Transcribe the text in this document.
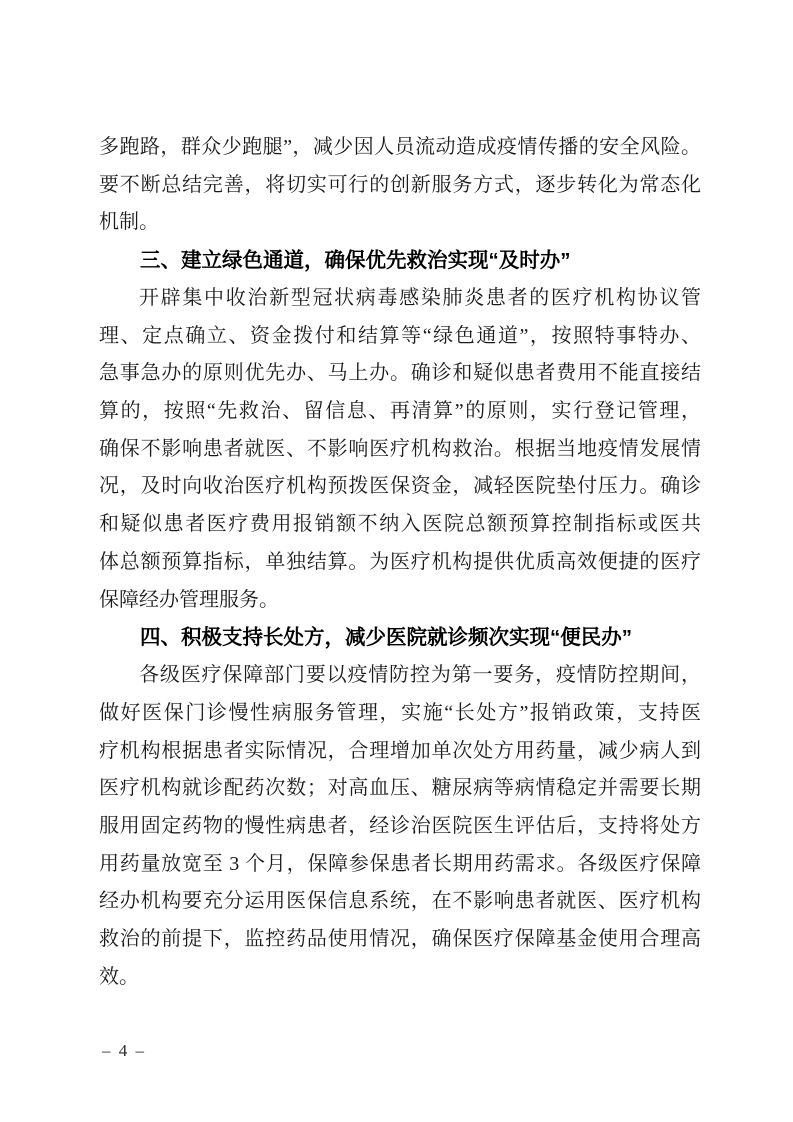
多跑路，群众少跑腿”，减少因人员流动造成疫情传播的安全风险。
要不断总结完善，将切实可行的创新服务方式，逐步转化为常态化
机制。
三、建立绿色通道，确保优先救治实现“及时办”
开辟集中收治新型冠状病毒感染肺炎患者的医疗机构协议管
理、定点确立、资金拨付和结算等“绿色通道”，按照特事特办、
急事急办的原则优先办、马上办。确诊和疑似患者费用不能直接结
算的，按照“先救治、留信息、再清算”的原则，实行登记管理，
确保不影响患者就医、不影响医疗机构救治。根据当地疫情发展情
况，及时向收治医疗机构预拨医保资金，减轻医院垫付压力。确诊
和疑似患者医疗费用报销额不纳入医院总额预算控制指标或医共
体总额预算指标，单独结算。为医疗机构提供优质高效便捷的医疗
保障经办管理服务。
四、积极支持长处方，减少医院就诊频次实现“便民办”
各级医疗保障部门要以疫情防控为第一要务，疫情防控期间，
做好医保门诊慢性病服务管理，实施“长处方”报销政策，支持医
疗机构根据患者实际情况，合理增加单次处方用药量，减少病人到
医疗机构就诊配药次数；对高血压、糖尿病等病情稳定并需要长期
服用固定药物的慢性病患者，经诊治医院医生评估后，支持将处方
用药量放宽至 3 个月，保障参保患者长期用药需求。各级医疗保障
经办机构要充分运用医保信息系统，在不影响患者就医、医疗机构
救治的前提下，监控药品使用情况，确保医疗保障基金使用合理高
效。
– 4 –
